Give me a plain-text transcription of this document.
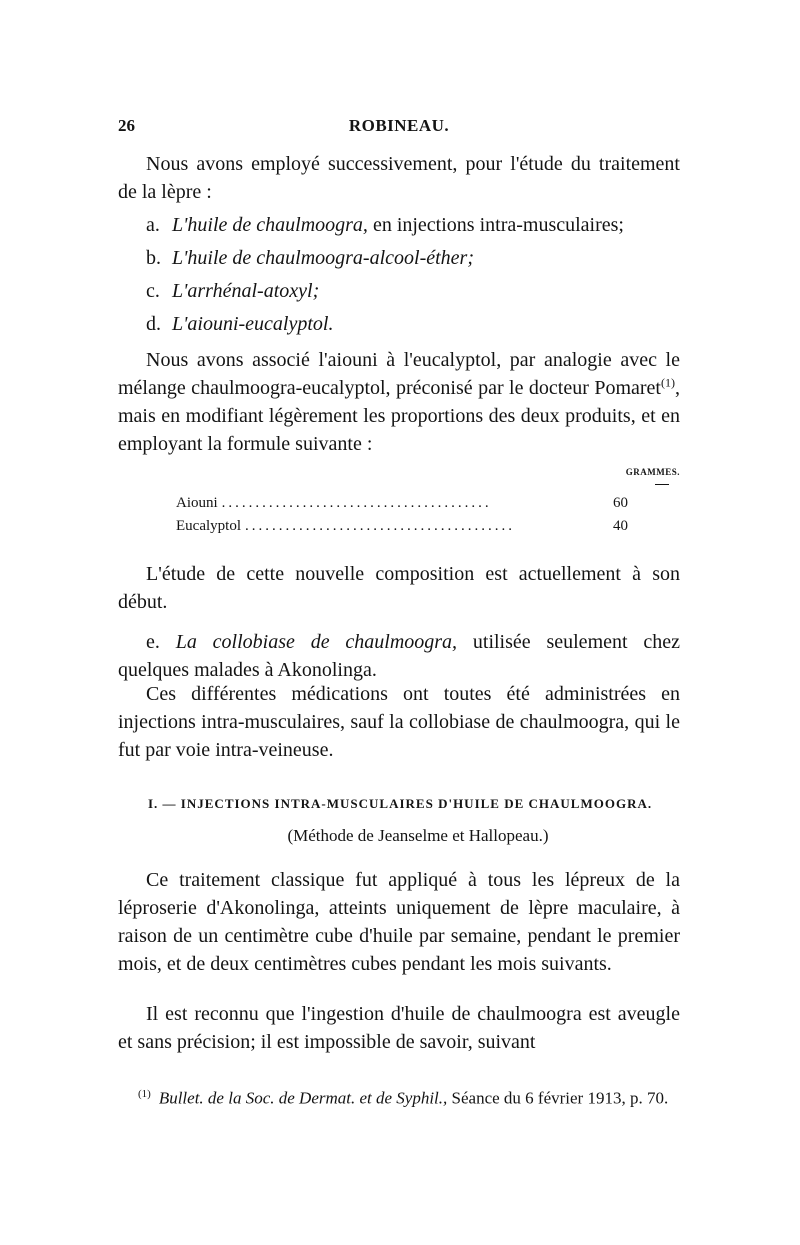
26	ROBINEAU.

Nous avons employé successivement, pour l'étude du traitement de la lèpre :

a. L'huile de chaulmoogra, en injections intra-musculaires;
b. L'huile de chaulmoogra-alcool-éther;
c. L'arrhénal-atoxyl;
d. L'aiouni-eucalyptol.

Nous avons associé l'aiouni à l'eucalyptol, par analogie avec le mélange chaulmoogra-eucalyptol, préconisé par le docteur Pomaret$^{(1)}$, mais en modifiant légèrement les proportions des deux produits, et en employant la formule suivante :

GRAMMES.
Aiouni ........................................	60
Eucalyptol ........................................	40

L'étude de cette nouvelle composition est actuellement à son début.

e. La collobiase de chaulmoogra, utilisée seulement chez quelques malades à Akonolinga.

Ces différentes médications ont toutes été administrées en injections intra-musculaires, sauf la collobiase de chaulmoogra, qui le fut par voie intra-veineuse.

I. — INJECTIONS INTRA-MUSCULAIRES D'HUILE DE CHAULMOOGRA.
(Méthode de Jeanselme et Hallopeau.)

Ce traitement classique fut appliqué à tous les lépreux de la léproserie d'Akonolinga, atteints uniquement de lèpre maculaire, à raison de un centimètre cube d'huile par semaine, pendant le premier mois, et de deux centimètres cubes pendant les mois suivants.

Il est reconnu que l'ingestion d'huile de chaulmoogra est aveugle et sans précision; il est impossible de savoir, suivant

$^{(1)}$ Bullet. de la Soc. de Dermat. et de Syphil., Séance du 6 février 1913, p. 70.
